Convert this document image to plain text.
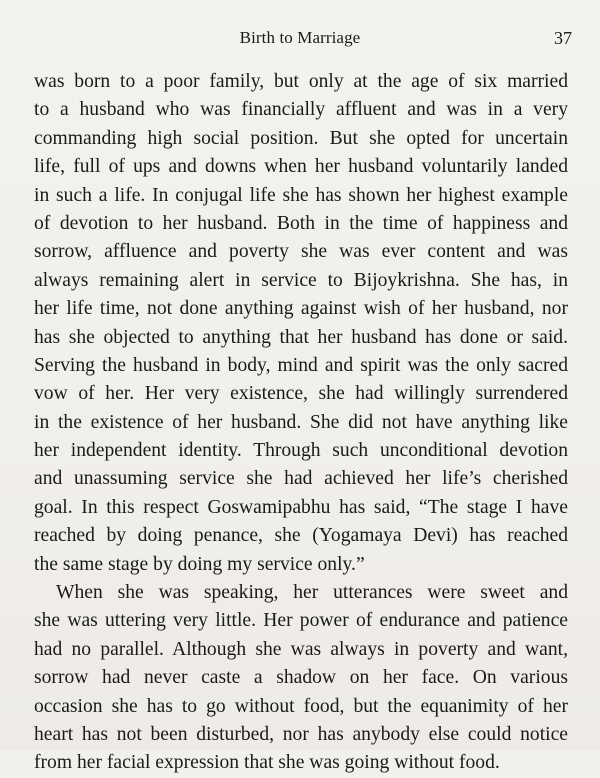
Birth to Marriage	37
was born to a poor family, but only at the age of six married
to a husband who was financially affluent and was in a very
commanding high social position. But she opted for uncertain
life, full of ups and downs when her husband voluntarily landed
in such a life. In conjugal life she has shown her highest example
of devotion to her husband. Both in the time of happiness and
sorrow, affluence and poverty she was ever content and was
always remaining alert in service to Bijoykrishna. She has, in
her life time, not done anything against wish of her husband, nor
has she objected to anything that her husband has done or said.
Serving the husband in body, mind and spirit was the only sacred
vow of her. Her very existence, she had willingly surrendered
in the existence of her husband. She did not have anything like
her independent identity. Through such unconditional devotion
and unassuming service she had achieved her life’s cherished
goal. In this respect Goswamipabhu has said, “The stage I have
reached by doing penance, she (Yogamaya Devi) has reached
the same stage by doing my service only.”
When she was speaking, her utterances were sweet and
she was uttering very little. Her power of endurance and patience
had no parallel. Although she was always in poverty and want,
sorrow had never caste a shadow on her face. On various
occasion she has to go without food, but the equanimity of her
heart has not been disturbed, nor has anybody else could notice
from her facial expression that she was going without food.
